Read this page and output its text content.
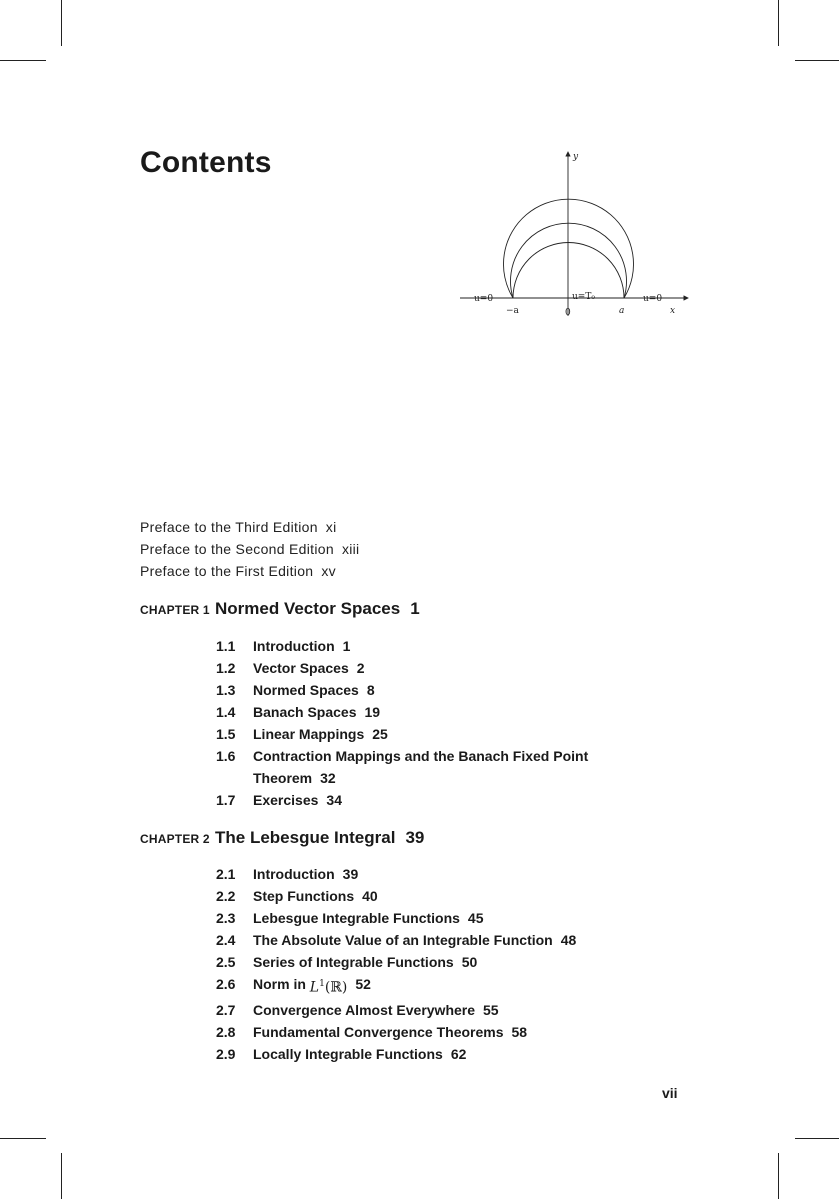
Contents	y
x
u=0	u=0
u=T₀
−a	0	a
Preface to the Third Edition xi
Preface to the Second Edition xiii
Preface to the First Edition xv
CHAPTER 1 Normed Vector Spaces 1
1.1	Introduction 1
1.2	Vector Spaces 2
1.3	Normed Spaces 8
1.4	Banach Spaces 19
1.5	Linear Mappings 25
1.6	Contraction Mappings and the Banach Fixed Point
Theorem 32
1.7	Exercises 34
CHAPTER 2 The Lebesgue Integral 39
2.1	Introduction 39
2.2	Step Functions 40
2.3	Lebesgue Integrable Functions 45
2.4	The Absolute Value of an Integrable Function 48
2.5	Series of Integrable Functions 50
2.6	Norm in
$L^1(ℝ)$ 52
2.7	Convergence Almost Everywhere 55
2.8	Fundamental Convergence Theorems 58
2.9	Locally Integrable Functions 62
vii
